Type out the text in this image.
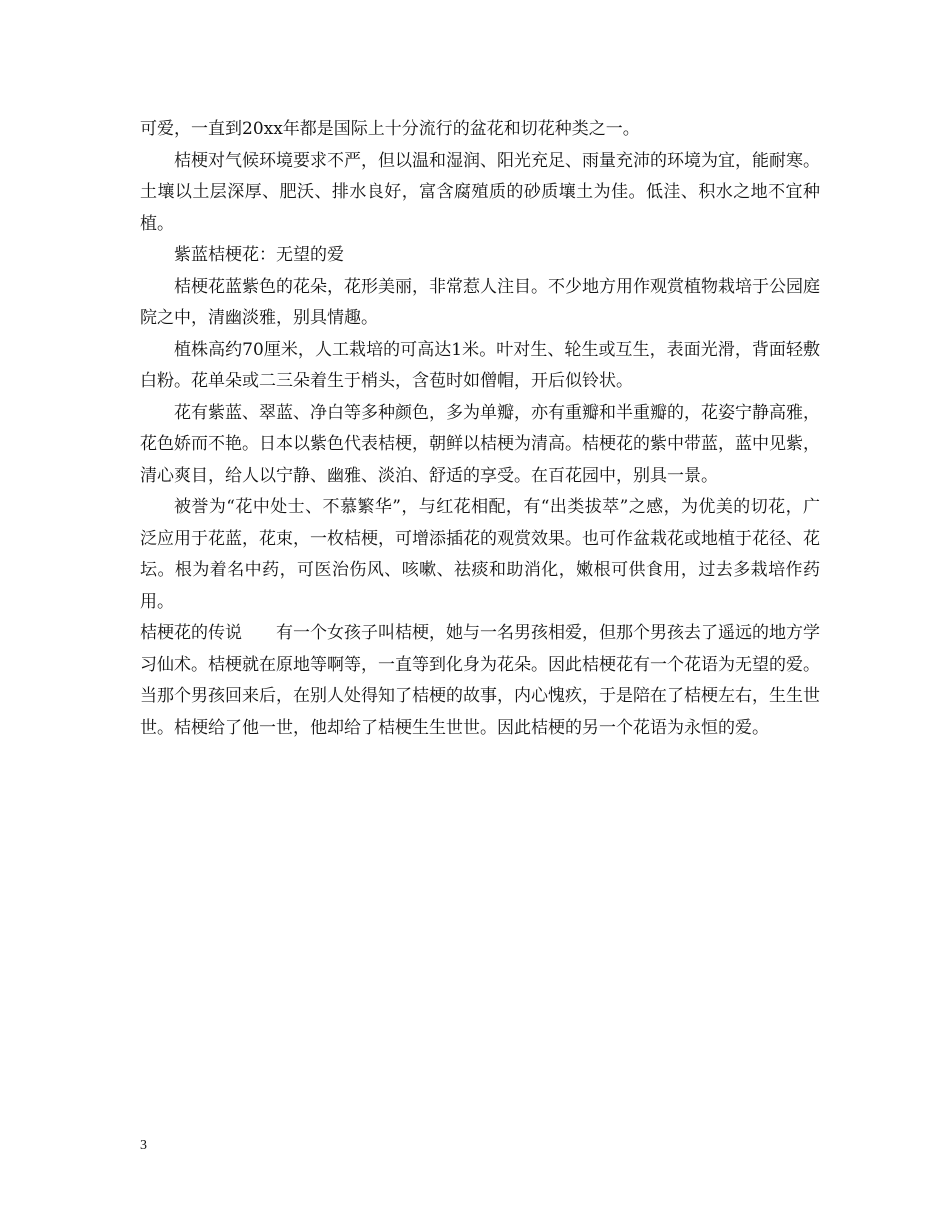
可爱，一直到20xx年都是国际上十分流行的盆花和切花种类之一。

桔梗对气候环境要求不严，但以温和湿润、阳光充足、雨量充沛的环境为宜，能耐寒。土壤以土层深厚、肥沃、排水良好，富含腐殖质的砂质壤土为佳。低洼、积水之地不宜种植。

紫蓝桔梗花：无望的爱

桔梗花蓝紫色的花朵，花形美丽，非常惹人注目。不少地方用作观赏植物栽培于公园庭院之中，清幽淡雅，别具情趣。

植株高约70厘米，人工栽培的可高达1米。叶对生、轮生或互生，表面光滑，背面轻敷白粉。花单朵或二三朵着生于梢头，含苞时如僧帽，开后似铃状。

花有紫蓝、翠蓝、净白等多种颜色，多为单瓣，亦有重瓣和半重瓣的，花姿宁静高雅，花色娇而不艳。日本以紫色代表桔梗，朝鲜以桔梗为清高。桔梗花的紫中带蓝，蓝中见紫，清心爽目，给人以宁静、幽雅、淡泊、舒适的享受。在百花园中，别具一景。

被誉为“花中处士、不慕繁华”，与红花相配，有“出类拔萃”之感，为优美的切花，广泛应用于花蓝，花束，一枚桔梗，可增添插花的观赏效果。也可作盆栽花或地植于花径、花坛。根为着名中药，可医治伤风、咳嗽、祛痰和助消化，嫩根可供食用，过去多栽培作药用。

桔梗花的传说 有一个女孩子叫桔梗，她与一名男孩相爱，但那个男孩去了遥远的地方学习仙术。桔梗就在原地等啊等，一直等到化身为花朵。因此桔梗花有一个花语为无望的爱。当那个男孩回来后，在别人处得知了桔梗的故事，内心愧疚，于是陪在了桔梗左右，生生世世。桔梗给了他一世，他却给了桔梗生生世世。因此桔梗的另一个花语为永恒的爱。

3
